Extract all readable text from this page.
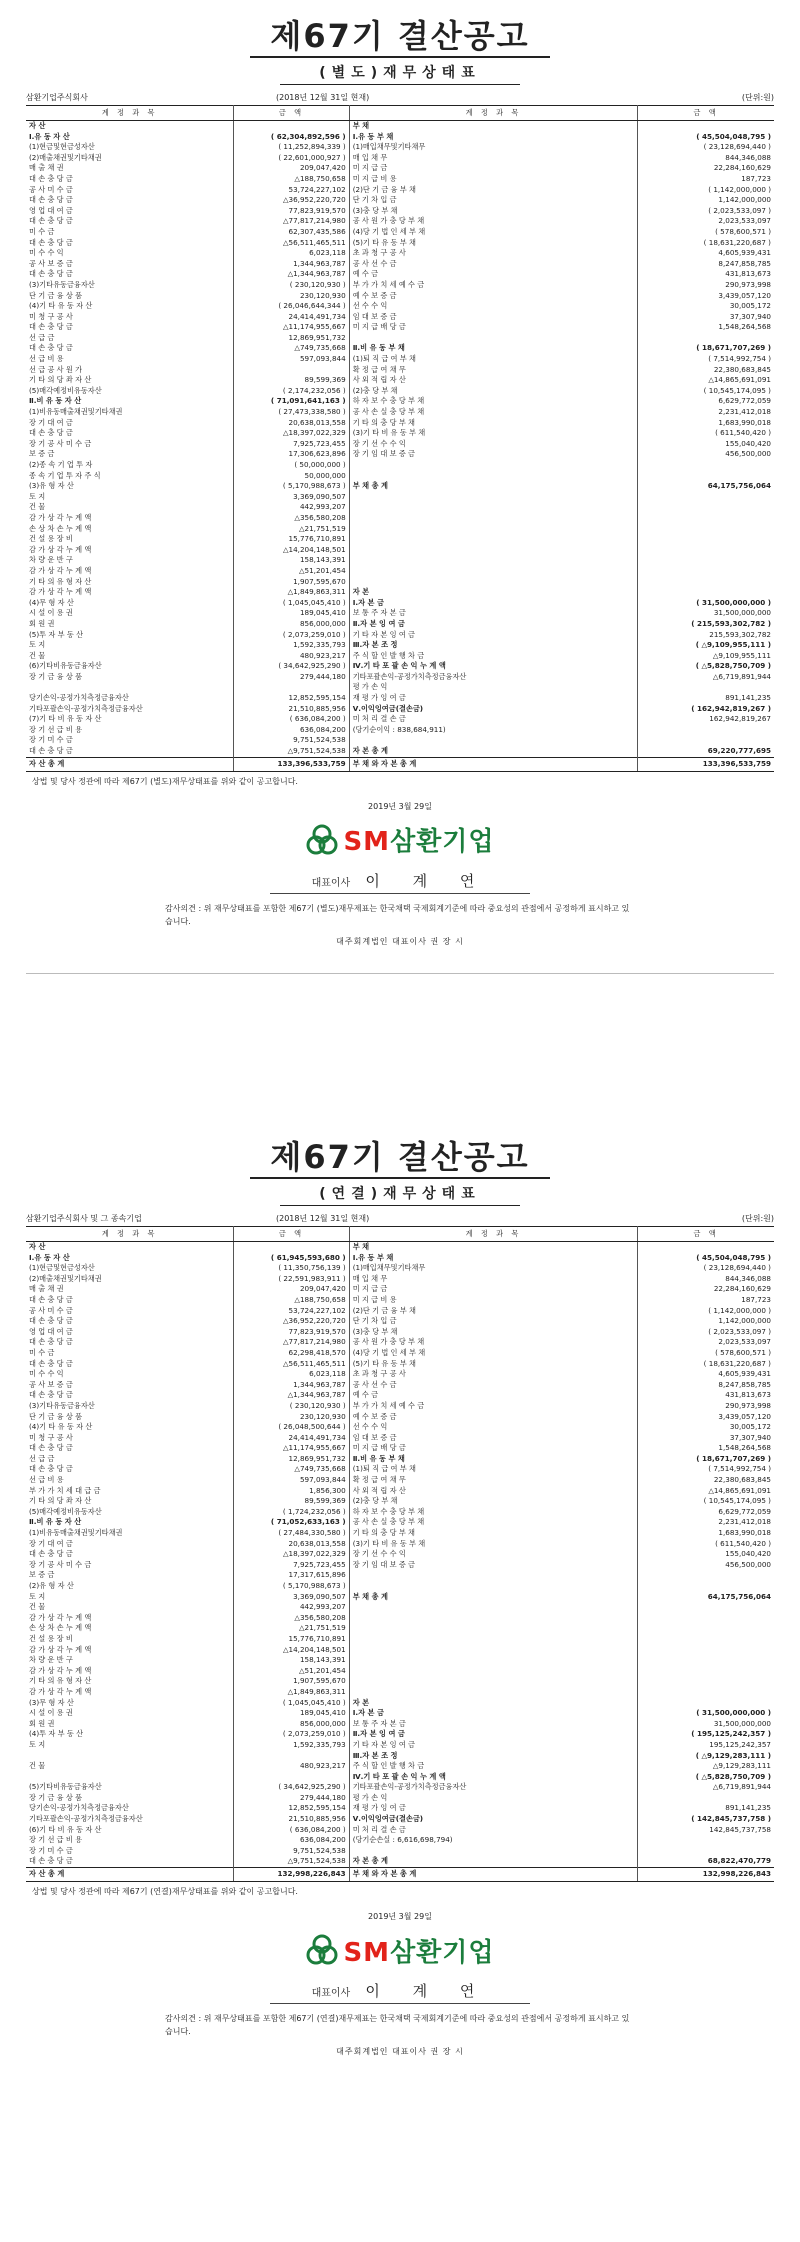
제67기 결산공고
(별도)재무상태표
삼환기업주식회사	(2018년 12월 31일 현재)	(단위:원)
계 정 과 목	금 액	계 정 과 목	금 액
자 산		부 채	
Ⅰ.유 동 자 산	( 62,304,892,596 )	Ⅰ.유 동 부 채	( 45,504,048,795 )
(1)현금및현금성자산	( 11,252,894,339 )	(1)매입채무및기타채무	( 23,128,694,440 )
(2)매출채권및기타채권	( 22,601,000,927 )	매 입 채 무	844,346,088
매 출 채 권	209,047,420	미 지 급 금	22,284,160,629
대 손 충 당 금	△188,750,658	미 지 급 비 용	187,723
공 사 미 수 금	53,724,227,102	(2)단 기 금 융 부 채	( 1,142,000,000 )
대 손 충 당 금	△36,952,220,720	단 기 차 입 금	1,142,000,000
영 업 대 여 금	77,823,919,570	(3)충 당 부 채	( 2,023,533,097 )
대 손 충 당 금	△77,817,214,980	공 사 원 가 충 당 부 채	2,023,533,097
미 수 금	62,307,435,586	(4)당 기 법 인 세 부 채	( 578,600,571 )
대 손 충 당 금	△56,511,465,511	(5)기 타 유 동 부 채	( 18,631,220,687 )
미 수 수 익	6,023,118	초 과 청 구 공 사	4,605,939,431
공 사 보 증 금	1,344,963,787	공 사 선 수 금	8,247,858,785
대 손 충 당 금	△1,344,963,787	예 수 금	431,813,673
(3)기타유동금융자산	( 230,120,930 )	부 가 가 치 세 예 수 금	290,973,998
단 기 금 융 상 품	230,120,930	예 수 보 증 금	3,439,057,120
(4)기 타 유 동 자 산	( 26,046,644,344 )	선 수 수 익	30,005,172
미 청 구 공 사	24,414,491,734	임 대 보 증 금	37,307,940
대 손 충 당 금	△11,174,955,667	미 지 급 배 당 금	1,548,264,568
선 급 금	12,869,951,732		
대 손 충 당 금	△749,735,668	Ⅱ.비 유 동 부 채	( 18,671,707,269 )
선 급 비 용	597,093,844	(1)퇴 직 급 여 부 채	( 7,514,992,754 )
선 급 공 사 원 가		확 정 급 여 채 무	22,380,683,845
기 타 의 당 좌 자 산	89,599,369	사 외 적 립 자 산	△14,865,691,091
(5)매각예정비유동자산	( 2,174,232,056 )	(2)충 당 부 채	( 10,545,174,095 )
Ⅱ.비 유 동 자 산	( 71,091,641,163 )	하 자 보 수 충 당 부 채	6,629,772,059
(1)비유동매출채권및기타채권	( 27,473,338,580 )	공 사 손 실 충 당 부 채	2,231,412,018
장 기 대 여 금	20,638,013,558	기 타 의 충 당 부 채	1,683,990,018
대 손 충 당 금	△18,397,022,329	(3)기 타 비 유 동 부 채	( 611,540,420 )
장 기 공 사 미 수 금	7,925,723,455	장 기 선 수 수 익	155,040,420
보 증 금	17,306,623,896	장 기 임 대 보 증 금	456,500,000
(2)종 속 기 업 투 자	( 50,000,000 )		
종 속 기 업 투 자 주 식	50,000,000		
(3)유 형 자 산	( 5,170,988,673 )	부 채 총 계	64,175,756,064
토 지	3,369,090,507		
건 물	442,993,207		
감 가 상 각 누 계 액	△356,580,208		
손 상 차 손 누 계 액	△21,751,519		
건 설 용 장 비	15,776,710,891		
감 가 상 각 누 계 액	△14,204,148,501		
차 량 운 반 구	158,143,391		
감 가 상 각 누 계 액	△51,201,454		
기 타 의 유 형 자 산	1,907,595,670		
감 가 상 각 누 계 액	△1,849,863,311	자 본	
(4)무 형 자 산	( 1,045,045,410 )	Ⅰ.자 본 금	( 31,500,000,000 )
시 설 이 용 권	189,045,410	보 통 주 자 본 금	31,500,000,000
회 원 권	856,000,000	Ⅱ.자 본 잉 여 금	( 215,593,302,782 )
(5)투 자 부 동 산	( 2,073,259,010 )	기 타 자 본 잉 여 금	215,593,302,782
토 지	1,592,335,793	Ⅲ.자 본 조 정	( △9,109,955,111 )
건 물	480,923,217	주 식 할 인 발 행 차 금	△9,109,955,111
(6)기타비유동금융자산	( 34,642,925,290 )	Ⅳ.기 타 포 괄 손 익 누 계 액	( △5,828,750,709 )
장 기 금 융 상 품	279,444,180	기타포괄손익-공정가치측정금융자산	△6,719,891,944
		평 가 손 익	
당기손익-공정가치측정금융자산	12,852,595,154	재 평 가 잉 여 금	891,141,235
기타포괄손익-공정가치측정금융자산	21,510,885,956	Ⅴ.이익잉여금(결손금)	( 162,942,819,267 )
(7)기 타 비 유 동 자 산	( 636,084,200 )	미 처 리 결 손 금	162,942,819,267
장 기 선 급 비 용	636,084,200	(당기순이익 : 838,684,911)	
장 기 미 수 금	9,751,524,538		
대 손 충 당 금	△9,751,524,538	자 본 총 계	69,220,777,695
자 산 총 계	133,396,533,759	부 채 와 자 본 총 계	133,396,533,759
상법 및 당사 정관에 따라 제67기 (별도)재무상태표를 위와 같이 공고합니다.
2019년 3월 29일
SM삼환기업
대표이사 이 계 연
감사의견 : 위 재무상태표를 포함한 제67기 (별도)재무제표는 한국채택 국제회계기준에 따라 중요성의 관점에서 공정하게 표시하고 있습니다.
대주회계법인 대표이사 권 장 시
제67기 결산공고
(연결)재무상태표
삼환기업주식회사 및 그 종속기업	(2018년 12월 31일 현재)	(단위:원)
계 정 과 목	금 액	계 정 과 목	금 액
자 산		부 채	
Ⅰ.유 동 자 산	( 61,945,593,680 )	Ⅰ.유 동 부 채	( 45,504,048,795 )
(1)현금및현금성자산	( 11,350,756,139 )	(1)매입채무및기타채무	( 23,128,694,440 )
(2)매출채권및기타채권	( 22,591,983,911 )	매 입 채 무	844,346,088
매 출 채 권	209,047,420	미 지 급 금	22,284,160,629
대 손 충 당 금	△188,750,658	미 지 급 비 용	187,723
공 사 미 수 금	53,724,227,102	(2)단 기 금 융 부 채	( 1,142,000,000 )
대 손 충 당 금	△36,952,220,720	단 기 차 입 금	1,142,000,000
영 업 대 여 금	77,823,919,570	(3)충 당 부 채	( 2,023,533,097 )
대 손 충 당 금	△77,817,214,980	공 사 원 가 충 당 부 채	2,023,533,097
미 수 금	62,298,418,570	(4)당 기 법 인 세 부 채	( 578,600,571 )
대 손 충 당 금	△56,511,465,511	(5)기 타 유 동 부 채	( 18,631,220,687 )
미 수 수 익	6,023,118	초 과 청 구 공 사	4,605,939,431
공 사 보 증 금	1,344,963,787	공 사 선 수 금	8,247,858,785
대 손 충 당 금	△1,344,963,787	예 수 금	431,813,673
(3)기타유동금융자산	( 230,120,930 )	부 가 가 치 세 예 수 금	290,973,998
단 기 금 융 상 품	230,120,930	예 수 보 증 금	3,439,057,120
(4)기 타 유 동 자 산	( 26,048,500,644 )	선 수 수 익	30,005,172
미 청 구 공 사	24,414,491,734	임 대 보 증 금	37,307,940
대 손 충 당 금	△11,174,955,667	미 지 급 배 당 금	1,548,264,568
선 급 금	12,869,951,732	Ⅱ.비 유 동 부 채	( 18,671,707,269 )
대 손 충 당 금	△749,735,668	(1)퇴 직 급 여 부 채	( 7,514,992,754 )
선 급 비 용	597,093,844	확 정 급 여 채 무	22,380,683,845
부 가 가 치 세 대 급 금	1,856,300	사 외 적 립 자 산	△14,865,691,091
기 타 의 당 좌 자 산	89,599,369	(2)충 당 부 채	( 10,545,174,095 )
(5)매각예정비유동자산	( 1,724,232,056 )	하 자 보 수 충 당 부 채	6,629,772,059
Ⅱ.비 유 동 자 산	( 71,052,633,163 )	공 사 손 실 충 당 부 채	2,231,412,018
(1)비유동매출채권및기타채권	( 27,484,330,580 )	기 타 의 충 당 부 채	1,683,990,018
장 기 대 여 금	20,638,013,558	(3)기 타 비 유 동 부 채	( 611,540,420 )
대 손 충 당 금	△18,397,022,329	장 기 선 수 수 익	155,040,420
장 기 공 사 미 수 금	7,925,723,455	장 기 임 대 보 증 금	456,500,000
보 증 금	17,317,615,896		
(2)유 형 자 산	( 5,170,988,673 )		
토 지	3,369,090,507	부 채 총 계	64,175,756,064
건 물	442,993,207		
감 가 상 각 누 계 액	△356,580,208		
손 상 차 손 누 계 액	△21,751,519		
건 설 용 장 비	15,776,710,891		
감 가 상 각 누 계 액	△14,204,148,501		
차 량 운 반 구	158,143,391		
감 가 상 각 누 계 액	△51,201,454		
기 타 의 유 형 자 산	1,907,595,670		
감 가 상 각 누 계 액	△1,849,863,311		
(3)무 형 자 산	( 1,045,045,410 )	자 본	
시 설 이 용 권	189,045,410	Ⅰ.자 본 금	( 31,500,000,000 )
회 원 권	856,000,000	보 통 주 자 본 금	31,500,000,000
(4)투 자 부 동 산	( 2,073,259,010 )	Ⅱ.자 본 잉 여 금	( 195,125,242,357 )
토 지	1,592,335,793	기 타 자 본 잉 여 금	195,125,242,357
		Ⅲ.자 본 조 정	( △9,129,283,111 )
건 물	480,923,217	주 식 할 인 발 행 차 금	△9,129,283,111
		Ⅳ.기 타 포 괄 손 익 누 계 액	( △5,828,750,709 )
(5)기타비유동금융자산	( 34,642,925,290 )	기타포괄손익-공정가치측정금융자산	△6,719,891,944
장 기 금 융 상 품	279,444,180	평 가 손 익	
당기손익-공정가치측정금융자산	12,852,595,154	재 평 가 잉 여 금	891,141,235
기타포괄손익-공정가치측정금융자산	21,510,885,956	Ⅴ.이익잉여금(결손금)	( 142,845,737,758 )
(6)기 타 비 유 동 자 산	( 636,084,200 )	미 처 리 결 손 금	142,845,737,758
장 기 선 급 비 용	636,084,200	(당기순손실 : 6,616,698,794)	
장 기 미 수 금	9,751,524,538		
대 손 충 당 금	△9,751,524,538	자 본 총 계	68,822,470,779
자 산 총 계	132,998,226,843	부 채 와 자 본 총 계	132,998,226,843
상법 및 당사 정관에 따라 제67기 (연결)재무상태표를 위와 같이 공고합니다.
2019년 3월 29일
SM삼환기업
대표이사 이 계 연
감사의견 : 위 재무상태표를 포함한 제67기 (연결)재무제표는 한국채택 국제회계기준에 따라 중요성의 관점에서 공정하게 표시하고 있습니다.
대주회계법인 대표이사 권 장 시
